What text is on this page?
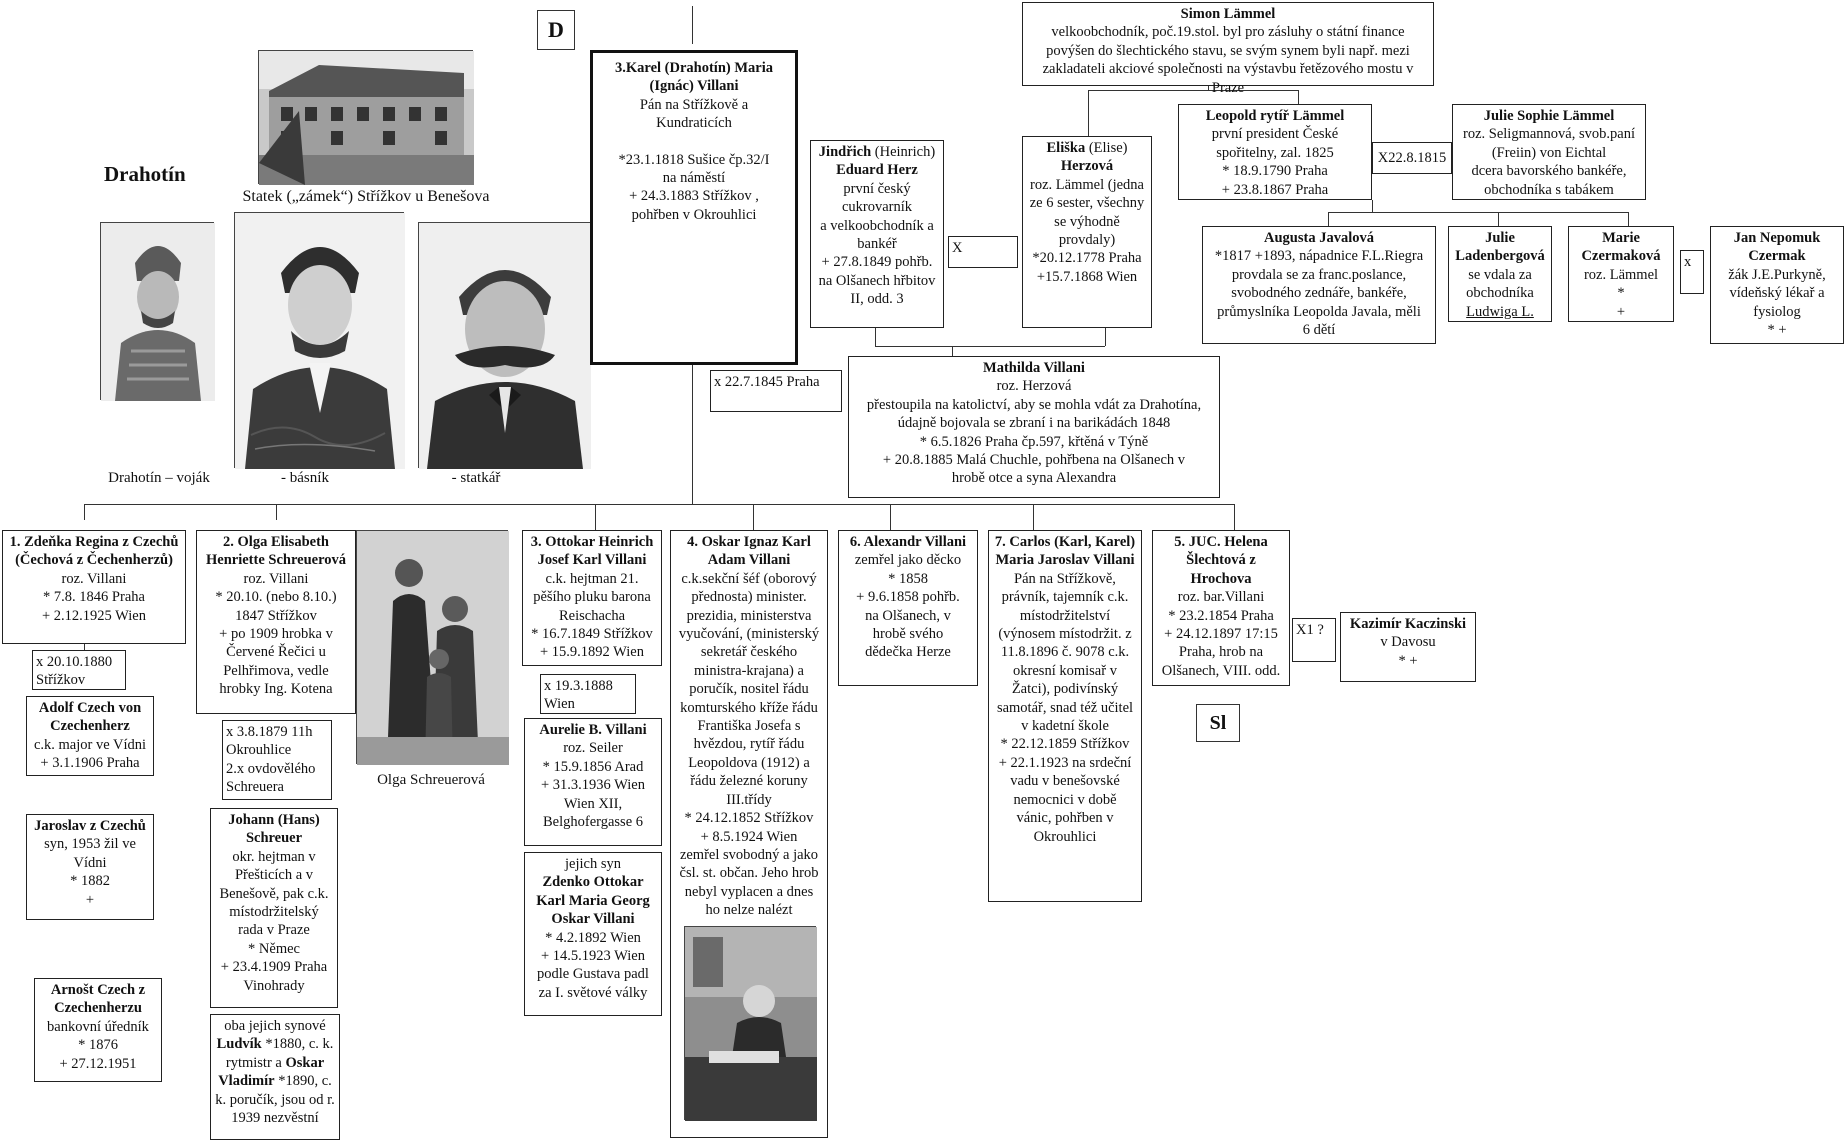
Statek („zámek“) Střížkov u Benešova
Drahotín
D
Drahotín – voják	- básník	- statkář
Olga Schreuerová
3.Karel (Drahotín) Maria (Ignác) Villani
Pán na Střížkově a
Kundraticích
*23.1.1818 Sušice čp.32/I
na náměstí
+ 24.3.1883 Střížkov ,
pohřben v Okrouhlici
Simon Lämmel
velkoobchodník, poč.19.stol. byl pro zásluhy o státní finance povýšen do šlechtického stavu, se svým synem byli např. mezi zakladateli akciové společnosti na výstavbu řetězového mostu v Praze
Leopold rytíř Lämmel
první president České
spořitelny, zal. 1825
* 18.9.1790 Praha
+ 23.8.1867 Praha
X22.8.1815
Julie Sophie Lämmel
roz. Seligmannová, svob.paní
(Freiin) von Eichtal
dcera bavorského bankéře,
obchodníka s tabákem
Jindřich (Heinrich)
Eduard Herz
první český
cukrovarník
a velkoobchodník a
bankéř
+ 27.8.1849 pohřb.
na Olšanech hřbitov
II, odd. 3
X
Eliška (Elise)
Herzová
roz. Lämmel (jedna
ze 6 sester, všechny
se výhodně
provdaly)
*20.12.1778 Praha
+15.7.1868 Wien
Augusta Javalová
*1817 +1893, nápadnice F.L.Riegra
provdala se za franc.poslance,
svobodného zednáře, bankéře,
průmyslníka Leopolda Javala, měli
6 dětí
Julie Ladenbergová
se vdala za
obchodníka
Ludwiga L.
Marie Czermaková
roz. Lämmel
*
+
x
Jan Nepomuk Czermak
žák J.E.Purkyně,
vídeňský lékař a
fysiolog
* +
x 22.7.1845 Praha
Mathilda Villani
roz. Herzová
přestoupila na katolictví, aby se mohla vdát za Drahotína,
údajně bojovala se zbraní i na barikádách 1848
* 6.5.1826 Praha čp.597, křtěná v Týně
+ 20.8.1885 Malá Chuchle, pohřbena na Olšanech v
hrobě otce a syna Alexandra
1. Zdeňka Regina z Czechů (Čechová z Čechenherzů)
roz. Villani
* 7.8. 1846 Praha
+ 2.12.1925 Wien
x 20.10.1880
Střížkov
Adolf Czech von Czechenherz
c.k. major ve Vídni
+ 3.1.1906 Praha
Jaroslav z Czechů
syn, 1953 žil ve
Vídni
* 1882
+
Arnošt Czech z Czechenherzu
bankovní úředník
* 1876
+ 27.12.1951
2. Olga Elisabeth Henriette Schreuerová
roz. Villani
* 20.10. (nebo 8.10.)
1847 Střížkov
+ po 1909 hrobka v
Červené Řečici u
Pelhřimova, vedle
hrobky Ing. Kotena
x 3.8.1879 11h
Okrouhlice
2.x ovdovělého
Schreuera
Johann (Hans) Schreuer
okr. hejtman v
Přešticích a v
Benešově, pak c.k.
místodržitelský
rada v Praze
* Němec
+ 23.4.1909 Praha
Vinohrady
oba jejich synové
Ludvík *1880, c. k. rytmistr a Oskar Vladimír *1890, c. k. poručík, jsou od r. 1939 nezvěstní
3. Ottokar Heinrich Josef Karl Villani
c.k. hejtman 21.
pěšího pluku barona
Reischacha
* 16.7.1849 Střížkov
+ 15.9.1892 Wien
x 19.3.1888
Wien
Aurelie B. Villani
roz. Seiler
* 15.9.1856 Arad
+ 31.3.1936 Wien
Wien XII,
Belghofergasse 6
jejich syn
Zdenko Ottokar Karl Maria Georg Oskar Villani
* 4.2.1892 Wien
+ 14.5.1923 Wien
podle Gustava padl
za I. světové války
4. Oskar Ignaz Karl Adam Villani
c.k.sekční šéf (oborový
přednosta) minister.
prezidia, ministerstva
vyučování, (ministerský
sekretář českého
ministra-krajana) a
poručík, nositel řádu
komturského kříže řádu
Františka Josefa s
hvězdou, rytíř řádu
Leopoldova (1912) a
řádu železné koruny
III.třídy
* 24.12.1852 Střížkov
+ 8.5.1924 Wien
zemřel svobodný a jako
čsl. st. občan. Jeho hrob
nebyl vyplacen a dnes
ho nelze nalézt
6. Alexandr Villani
zemřel jako děcko
* 1858
+ 9.6.1858 pohřb.
na Olšanech, v
hrobě svého
dědečka Herze
7. Carlos (Karl, Karel) Maria Jaroslav Villani
Pán na Střížkově,
právník, tajemník c.k.
místodržitelství
(výnosem místodržit. z
11.8.1896 č. 9078 c.k.
okresní komisař v
Žatci), podivínský
samotář, snad též učitel
v kadetní škole
* 22.12.1859 Střížkov
+ 22.1.1923 na srdeční
vadu v benešovské
nemocnici v době
vánic, pohřben v
Okrouhlici
5. JUC. Helena Šlechtová z Hrochova
roz. bar.Villani
* 23.2.1854 Praha
+ 24.12.1897 17:15
Praha, hrob na
Olšanech, VIII. odd.
X1 ?	Kazimír Kaczinski
v Davosu
* +
Sl
